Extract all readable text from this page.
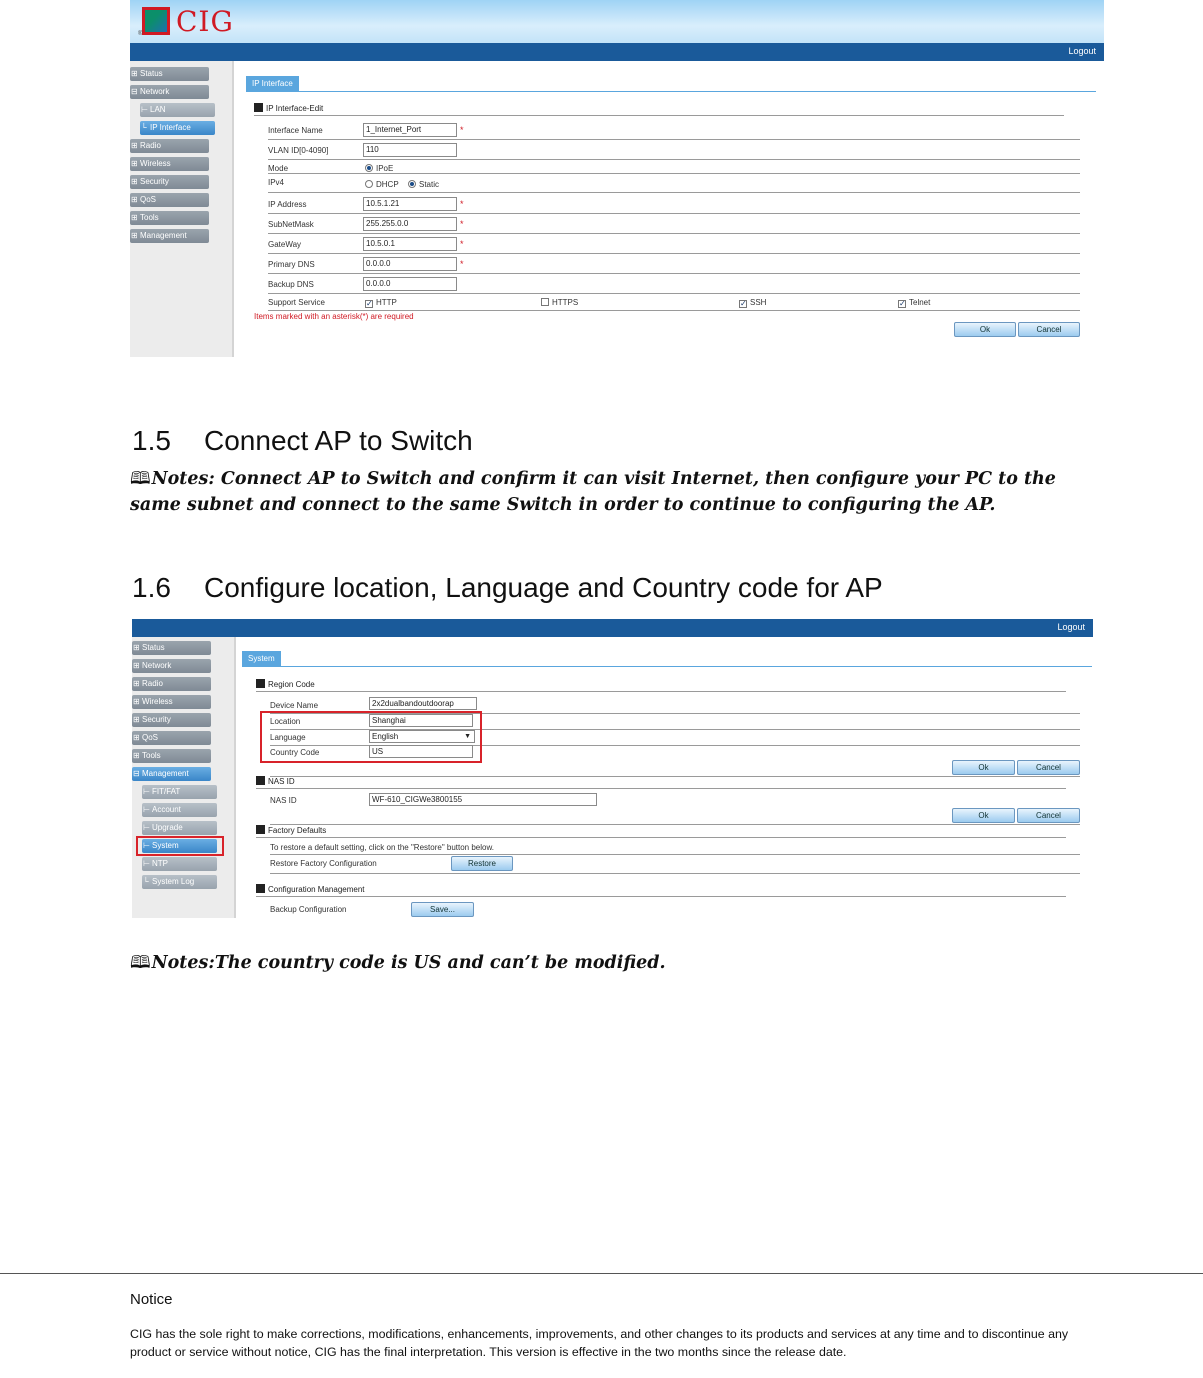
CIG
®
Logout
⊞ Status
⊟ Network
⊢ LAN
└ IP Interface
⊞ Radio
⊞ Wireless
⊞ Security
⊞ QoS
⊞ Tools
⊞ Management
IP Interface
IP Interface-Edit
Interface Name	1_Internet_Port	*
VLAN ID[0-4090]	110
Mode	IPoE
IPv4	DHCP	Static
IP Address	10.5.1.21	*
SubNetMask	255.255.0.0	*
GateWay	10.5.0.1	*
Primary DNS	0.0.0.0	*
Backup DNS	0.0.0.0
Support Service	✓ HTTP	HTTPS	✓ SSH	✓ Telnet
Items marked with an asterisk(*) are required
Ok	Cancel
1.5 Connect AP to Switch
🕮Notes: Connect AP to Switch and confirm it can visit Internet, then configure your PC to the same subnet and connect to the same Switch in order to continue to configuring the AP.
1.6 Configure location, Language and Country code for AP
Logout
⊞ Status
⊞ Network
⊞ Radio
⊞ Wireless
⊞ Security
⊞ QoS
⊞ Tools
⊟ Management
⊢ FIT/FAT
⊢ Account
⊢ Upgrade
⊢ System
⊢ NTP
└ System Log
System
Region Code
Device Name	2x2dualbandoutdoorap
Location	Shanghai
Language	English	▼
Country Code	US
Ok	Cancel
NAS ID
NAS ID	WF-610_CIGWe3800155
Ok	Cancel
Factory Defaults
To restore a default setting, click on the "Restore" button below.
Restore Factory Configuration	Restore
Configuration Management
Backup Configuration	Save...
🕮Notes:The country code is US and can’t be modified.
Notice
CIG has the sole right to make corrections, modifications, enhancements, improvements, and other changes to its products and services at any time and to discontinue any product or service without notice, CIG has the final interpretation. This version is effective in the two months since the release date.
